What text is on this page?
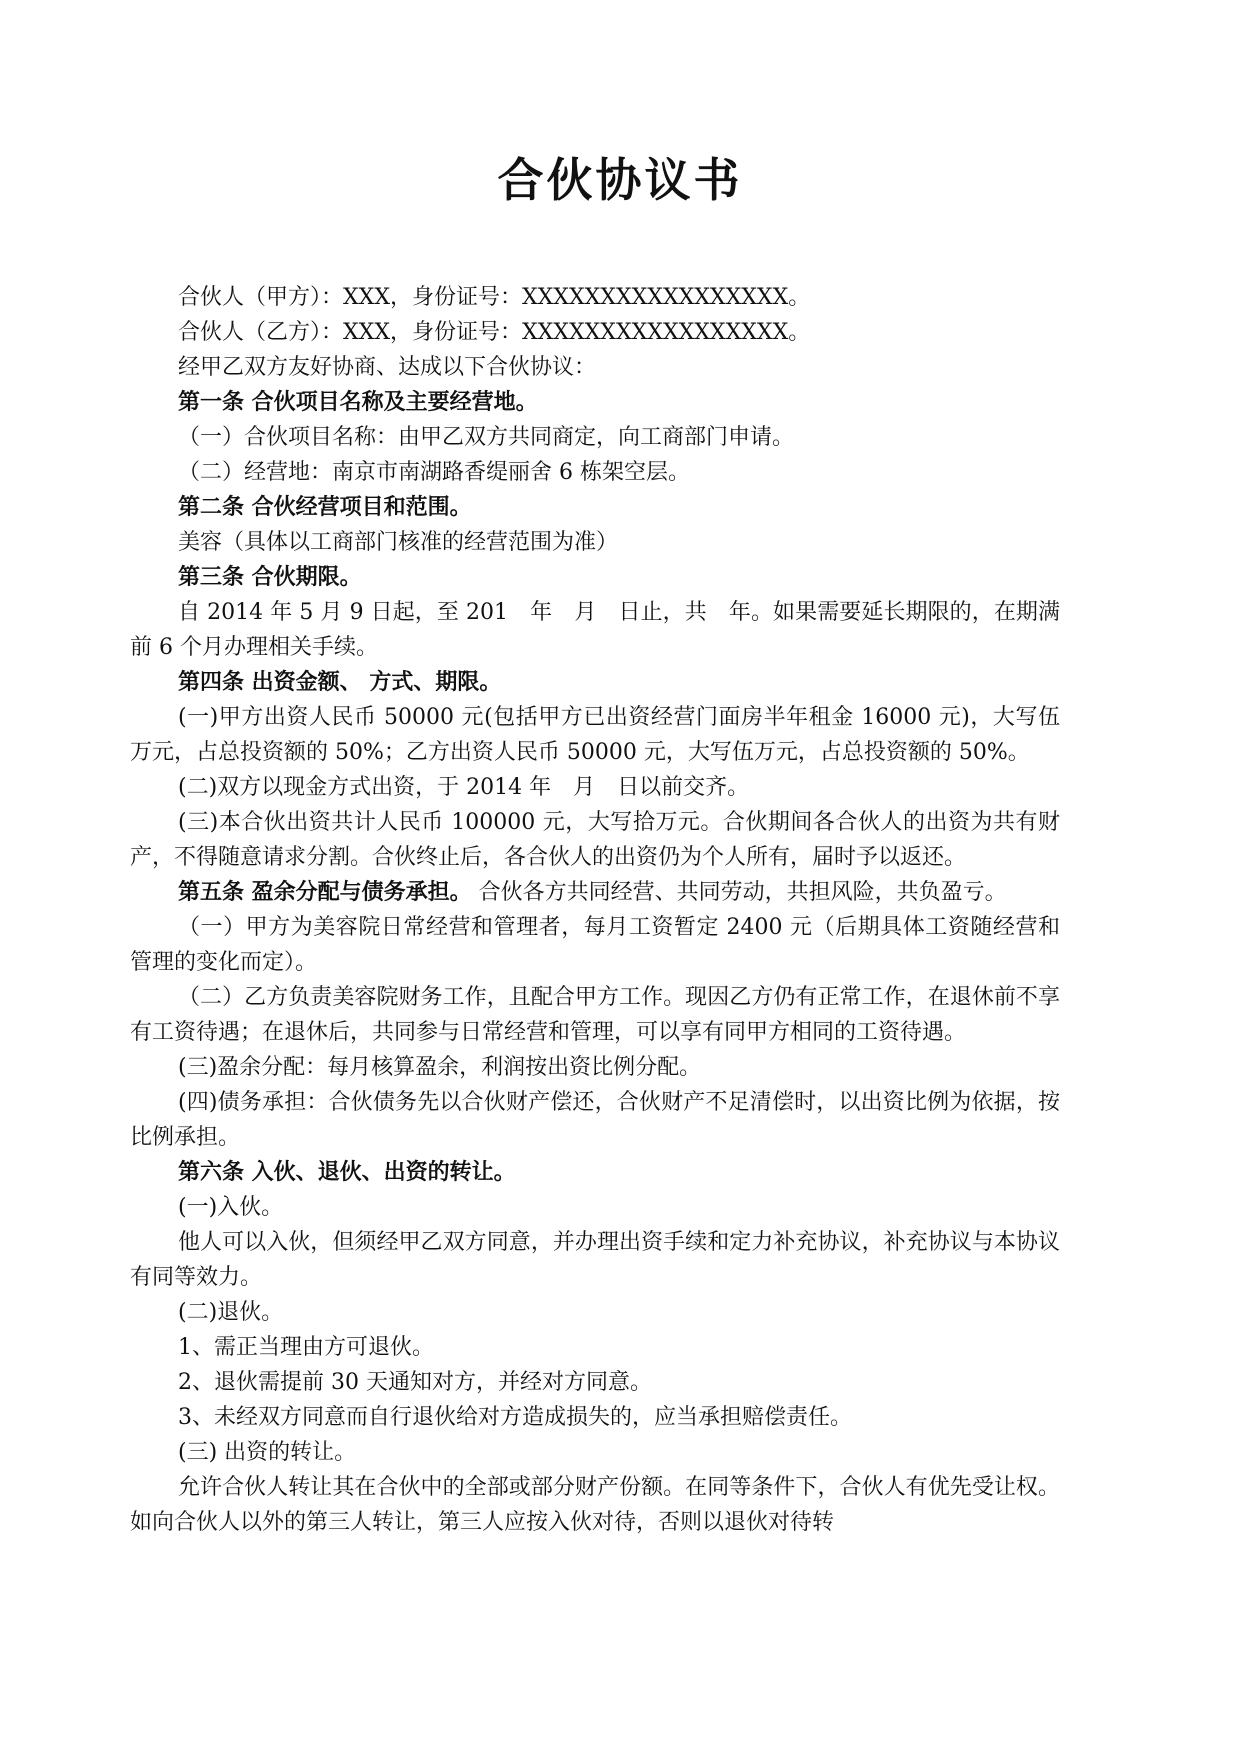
合伙协议书

合伙人（甲方）：XXX，身份证号：XXXXXXXXXXXXXXXXX。

合伙人（乙方）：XXX，身份证号：XXXXXXXXXXXXXXXXX。

经甲乙双方友好协商、达成以下合伙协议：

第一条 合伙项目名称及主要经营地。

（一）合伙项目名称：由甲乙双方共同商定，向工商部门申请。

（二）经营地：南京市南湖路香缇丽舍 6 栋架空层。

第二条 合伙经营项目和范围。

美容（具体以工商部门核准的经营范围为准）

第三条 合伙期限。

自 2014 年 5 月 9 日起，至 201　年　月　日止，共　年。如果需要延长期限的，在期满前 6 个月办理相关手续。

第四条 出资金额、 方式、期限。

(一)甲方出资人民币 50000 元(包括甲方已出资经营门面房半年租金 16000 元)，大写伍万元，占总投资额的 50%；乙方出资人民币 50000 元，大写伍万元，占总投资额的 50%。

(二)双方以现金方式出资，于 2014 年　月　日以前交齐。

(三)本合伙出资共计人民币 100000 元，大写拾万元。合伙期间各合伙人的出资为共有财产，不得随意请求分割。合伙终止后，各合伙人的出资仍为个人所有，届时予以返还。

第五条 盈余分配与债务承担。 合伙各方共同经营、共同劳动，共担风险，共负盈亏。

（一）甲方为美容院日常经营和管理者，每月工资暂定 2400 元（后期具体工资随经营和管理的变化而定）。

（二）乙方负责美容院财务工作，且配合甲方工作。现因乙方仍有正常工作，在退休前不享有工资待遇；在退休后，共同参与日常经营和管理，可以享有同甲方相同的工资待遇。

(三)盈余分配：每月核算盈余，利润按出资比例分配。

(四)债务承担：合伙债务先以合伙财产偿还，合伙财产不足清偿时，以出资比例为依据，按比例承担。

第六条 入伙、退伙、出资的转让。

(一)入伙。

他人可以入伙，但须经甲乙双方同意，并办理出资手续和定力补充协议，补充协议与本协议有同等效力。

(二)退伙。

1、需正当理由方可退伙。

2、退伙需提前 30 天通知对方，并经对方同意。

3、未经双方同意而自行退伙给对方造成损失的，应当承担赔偿责任。

(三) 出资的转让。

允许合伙人转让其在合伙中的全部或部分财产份额。在同等条件下，合伙人有优先受让权。如向合伙人以外的第三人转让，第三人应按入伙对待，否则以退伙对待转
